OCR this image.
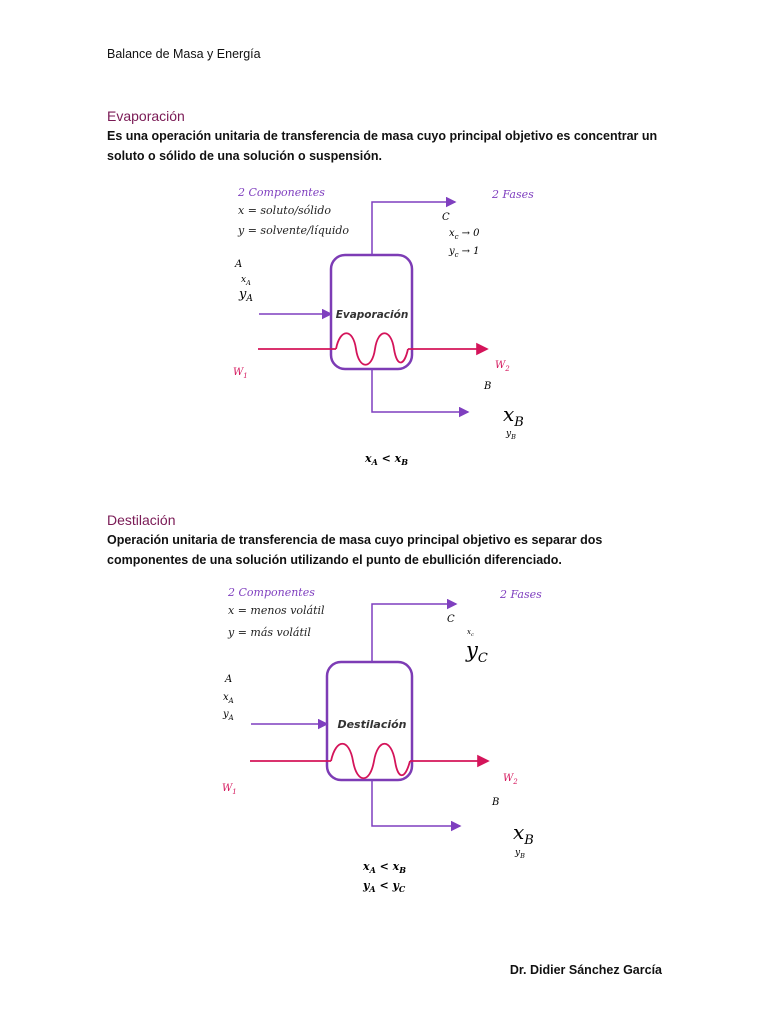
Balance de Masa y Energía
Evaporación
Es una operación unitaria de transferencia de masa cuyo principal objetivo es concentrar un soluto o sólido de una solución o suspensión.
2 Componentes
x = soluto/sólido
y = solvente/líquido
2 Fases
Evaporación
C
$x_c \to 0$
$y_c \to 1$
A
$x_A$
$y_A$
$W_1$
$W_2$
B
$x_B$
$y_B$
$x_A < x_B$
Destilación
Operación unitaria de transferencia de masa cuyo principal objetivo es separar dos componentes de una solución utilizando el punto de ebullición diferenciado.
2 Componentes
x = menos volátil
y = más volátil
2 Fases
Destilación
C
$x_c$
$y_C$
A
$x_A$
$y_A$
$W_1$
$W_2$
B
$x_B$
$y_B$
$x_A < x_B$
$y_A < y_C$
Dr. Didier Sánchez García
